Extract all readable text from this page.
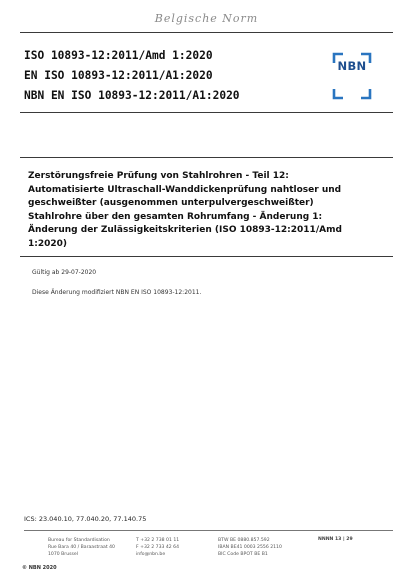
Belgische Norm
ISO 10893-12:2011/Amd 1:2020
EN ISO 10893-12:2011/A1:2020
NBN EN ISO 10893-12:2011/A1:2020
NBN
Zerstörungsfreie Prüfung von Stahlrohren - Teil 12:
Automatisierte Ultraschall-Wanddickenprüfung nahtloser und
geschweißter (ausgenommen unterpulvergeschweißter)
Stahlrohre über den gesamten Rohrumfang - Änderung 1:
Änderung der Zulässigkeitskriterien (ISO 10893-12:2011/Amd
1:2020)
Gültig ab 29-07-2020
Diese Änderung modifiziert NBN EN ISO 10893-12:2011.
ICS: 23.040.10, 77.040.20, 77.140.75
Bureau for Standardisation
Rue Bara 40 / Baraastraat 40
1070 Brussel
T +32 2 738 01 11
F +32 2 733 42 64
info@nbn.be
BTW BE 0880.857.592
IBAN BE41 0003 2556 2110
BIC Code BPOT BE B1
NNNN 13 | 29
© NBN 2020
